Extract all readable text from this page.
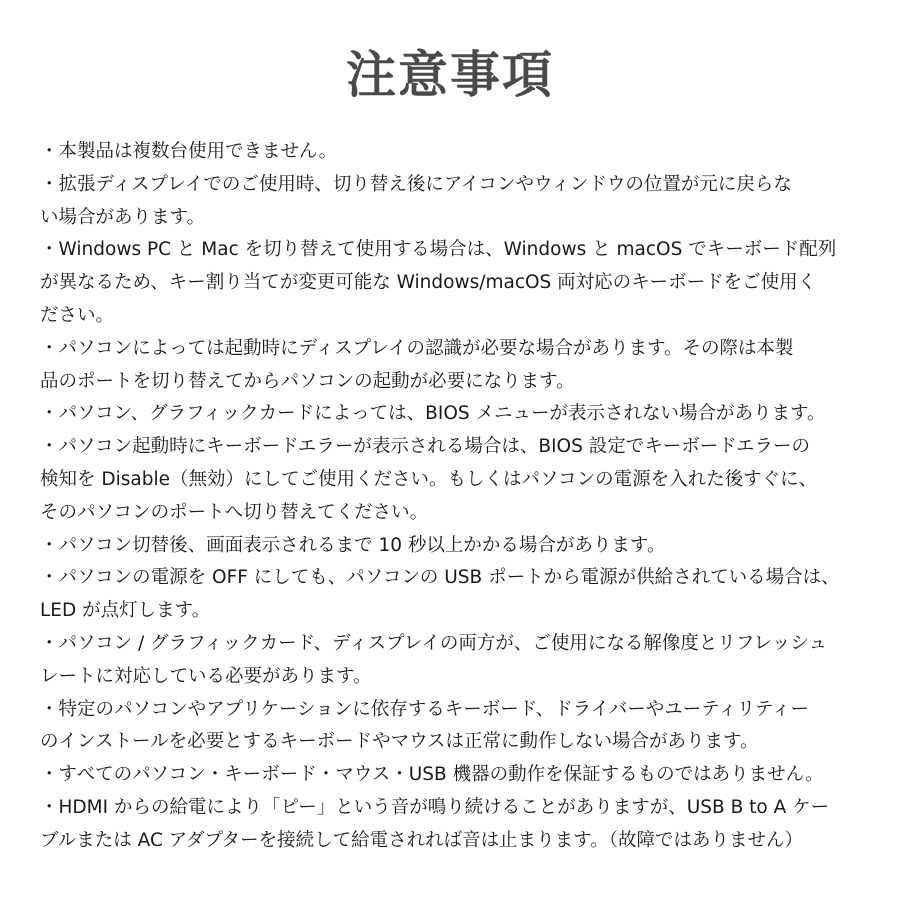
注意事項
・本製品は複数台使用できません。
・拡張ディスプレイでのご使用時、切り替え後にアイコンやウィンドウの位置が元に戻らな
い場合があります。
・Windows PC と Mac を切り替えて使用する場合は、Windows と macOS でキーボード配列
が異なるため、キー割り当てが変更可能な Windows/macOS 両対応のキーボードをご使用く
ださい。
・パソコンによっては起動時にディスプレイの認識が必要な場合があります。その際は本製
品のポートを切り替えてからパソコンの起動が必要になります。
・パソコン、グラフィックカードによっては、BIOS メニューが表示されない場合があります。
・パソコン起動時にキーボードエラーが表示される場合は、BIOS 設定でキーボードエラーの
検知を Disable（無効）にしてご使用ください。もしくはパソコンの電源を入れた後すぐに、
そのパソコンのポートへ切り替えてください。
・パソコン切替後、画面表示されるまで 10 秒以上かかる場合があります。
・パソコンの電源を OFF にしても、パソコンの USB ポートから電源が供給されている場合は、
LED が点灯します。
・パソコン / グラフィックカード、ディスプレイの両方が、ご使用になる解像度とリフレッシュ
レートに対応している必要があります。
・特定のパソコンやアプリケーションに依存するキーボード、ドライバーやユーティリティー
のインストールを必要とするキーボードやマウスは正常に動作しない場合があります。
・すべてのパソコン・キーボード・マウス・USB 機器の動作を保証するものではありません。
・HDMI からの給電により「ピー」という音が鳴り続けることがありますが、USB B to A ケー
ブルまたは AC アダプターを接続して給電されれば音は止まります。（故障ではありません）
